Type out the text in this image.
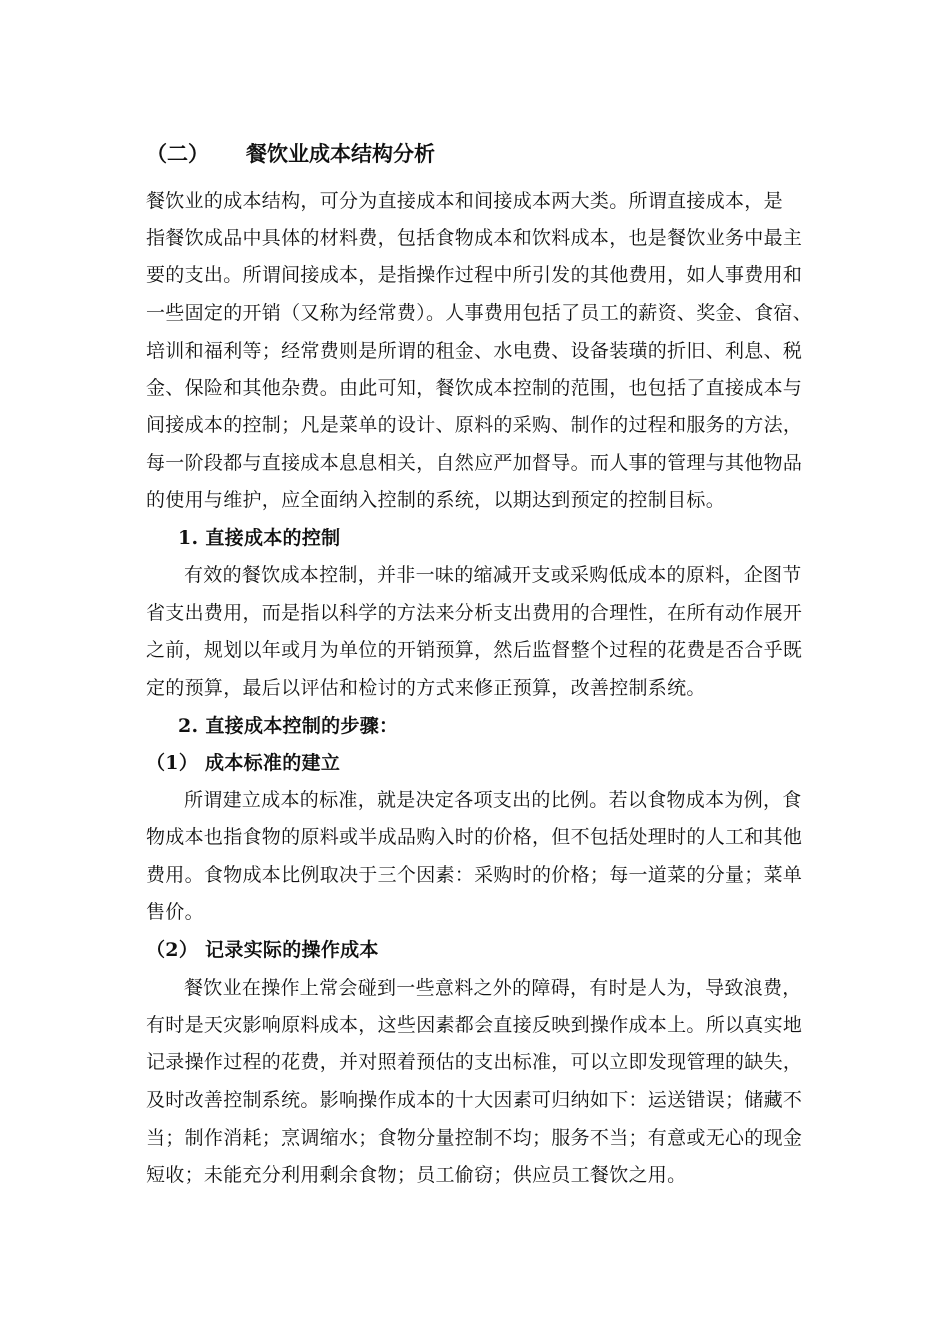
（二） 餐饮业成本结构分析
餐饮业的成本结构，可分为直接成本和间接成本两大类。所谓直接成本，是
指餐饮成品中具体的材料费，包括食物成本和饮料成本，也是餐饮业务中最主
要的支出。所谓间接成本，是指操作过程中所引发的其他费用，如人事费用和
一些固定的开销（又称为经常费）。人事费用包括了员工的薪资、奖金、食宿、
培训和福利等；经常费则是所谓的租金、水电费、设备装璜的折旧、利息、税
金、保险和其他杂费。由此可知，餐饮成本控制的范围，也包括了直接成本与
间接成本的控制；凡是菜单的设计、原料的采购、制作的过程和服务的方法，
每一阶段都与直接成本息息相关，自然应严加督导。而人事的管理与其他物品
的使用与维护，应全面纳入控制的系统，以期达到预定的控制目标。
1. 直接成本的控制
有效的餐饮成本控制，并非一味的缩减开支或采购低成本的原料，企图节
省支出费用，而是指以科学的方法来分析支出费用的合理性，在所有动作展开
之前，规划以年或月为单位的开销预算，然后监督整个过程的花费是否合乎既
定的预算，最后以评估和检讨的方式来修正预算，改善控制系统。
2. 直接成本控制的步骤：
（1） 成本标准的建立
所谓建立成本的标准，就是决定各项支出的比例。若以食物成本为例，食
物成本也指食物的原料或半成品购入时的价格，但不包括处理时的人工和其他
费用。食物成本比例取决于三个因素：采购时的价格；每一道菜的分量；菜单
售价。
（2） 记录实际的操作成本
餐饮业在操作上常会碰到一些意料之外的障碍，有时是人为，导致浪费，
有时是天灾影响原料成本，这些因素都会直接反映到操作成本上。所以真实地
记录操作过程的花费，并对照着预估的支出标准，可以立即发现管理的缺失，
及时改善控制系统。影响操作成本的十大因素可归纳如下：运送错误；储藏不
当；制作消耗；烹调缩水；食物分量控制不均；服务不当；有意或无心的现金
短收；未能充分利用剩余食物；员工偷窃；供应员工餐饮之用。
